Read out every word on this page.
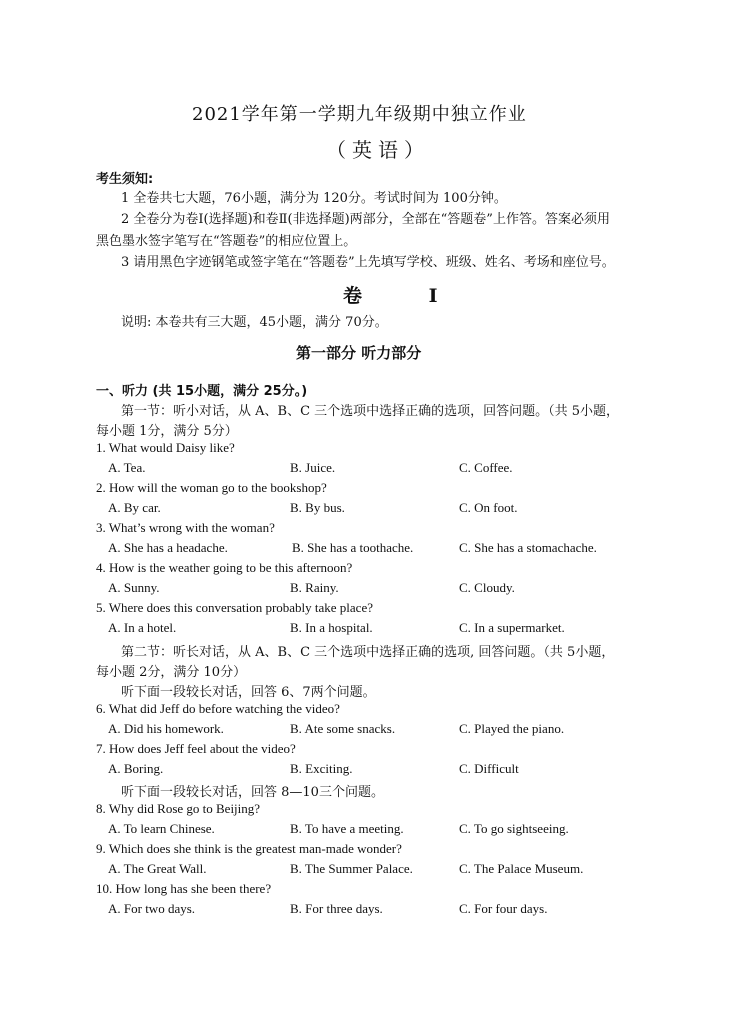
2021学年第一学期九年级期中独立作业
（英语）
考生须知:
1 全卷共七大题，76小题，满分为 120分。考试时间为 100分钟。
2 全卷分为卷Ⅰ(选择题)和卷Ⅱ(非选择题)两部分，全部在“答题卷”上作答。答案必须用
黑色墨水签字笔写在“答题卷”的相应位置上。
3 请用黑色字迹钢笔或签字笔在“答题卷”上先填写学校、班级、姓名、考场和座位号。
卷 Ⅰ
说明: 本卷共有三大题，45小题，满分 70分。
第一部分 听力部分
一、听力 (共 15小题，满分 25分。)
第一节：听小对话，从 A、B、C 三个选项中选择正确的选项，回答问题。（共 5小题，
每小题 1分，满分 5分）
1. What would Daisy like?
A. Tea.	B. Juice.	C. Coffee.
2. How will the woman go to the bookshop?
A. By car.	B. By bus.	C. On foot.
3. What’s wrong with the woman?
A. She has a headache.	B. She has a toothache.	C. She has a stomachache.
4. How is the weather going to be this afternoon?
A. Sunny.	B. Rainy.	C. Cloudy.
5. Where does this conversation probably take place?
A. In a hotel.	B. In a hospital.	C. In a supermarket.
第二节：听长对话，从 A、B、C 三个选项中选择正确的选项, 回答问题。（共 5小题，
每小题 2分，满分 10分）
听下面一段较长对话，回答 6、7两个问题。
6. What did Jeff do before watching the video?
A. Did his homework.	B. Ate some snacks.	C. Played the piano.
7. How does Jeff feel about the video?
A. Boring.	B. Exciting.	C. Difficult
听下面一段较长对话，回答 8—10三个问题。
8. Why did Rose go to Beijing?
A. To learn Chinese.	B. To have a meeting.	C. To go sightseeing.
9. Which does she think is the greatest man-made wonder?
A. The Great Wall.	B. The Summer Palace.	C. The Palace Museum.
10. How long has she been there?
A. For two days.	B. For three days.	C. For four days.
